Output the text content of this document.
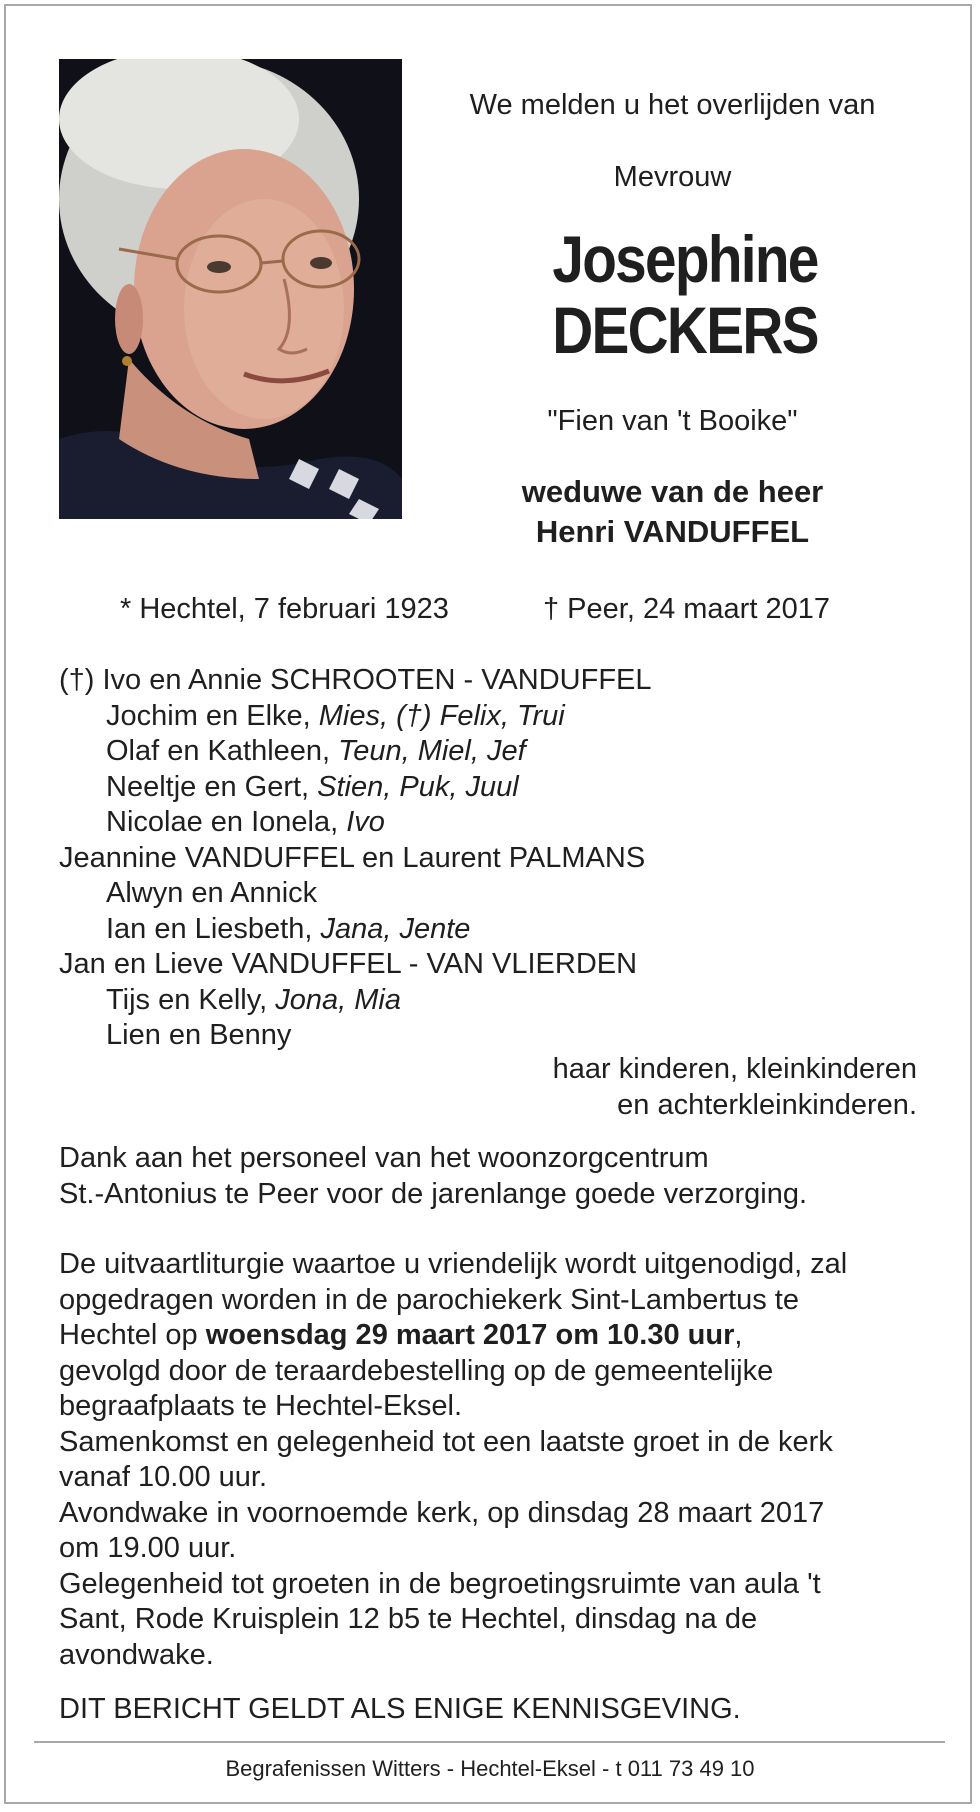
We melden u het overlijden van
Mevrouw
Josephine
DECKERS
"Fien van 't Booike"
weduwe van de heer
Henri VANDUFFEL
* Hechtel, 7 februari 1923	† Peer, 24 maart 2017
(†) Ivo en Annie SCHROOTEN - VANDUFFEL
Jochim en Elke, Mies, (†) Felix, Trui
Olaf en Kathleen, Teun, Miel, Jef
Neeltje en Gert, Stien, Puk, Juul
Nicolae en Ionela, Ivo
Jeannine VANDUFFEL en Laurent PALMANS
Alwyn en Annick
Ian en Liesbeth, Jana, Jente
Jan en Lieve VANDUFFEL - VAN VLIERDEN
Tijs en Kelly, Jona, Mia
Lien en Benny
haar kinderen, kleinkinderen
en achterkleinkinderen.

Dank aan het personeel van het woonzorgcentrum

St.-Antonius te Peer voor de jarenlange goede verzorging.

De uitvaartliturgie waartoe u vriendelijk wordt uitgenodigd, zal

opgedragen worden in de parochiekerk Sint-Lambertus te

Hechtel op woensdag 29 maart 2017 om 10.30 uur,

gevolgd door de teraardebestelling op de gemeentelijke

begraafplaats te Hechtel-Eksel.

Samenkomst en gelegenheid tot een laatste groet in de kerk

vanaf 10.00 uur.

Avondwake in voornoemde kerk, op dinsdag 28 maart 2017

om 19.00 uur.

Gelegenheid tot groeten in de begroetingsruimte van aula 't

Sant, Rode Kruisplein 12 b5 te Hechtel, dinsdag na de

avondwake.

DIT BERICHT GELDT ALS ENIGE KENNISGEVING.
Begrafenissen Witters - Hechtel-Eksel - t 011 73 49 10
